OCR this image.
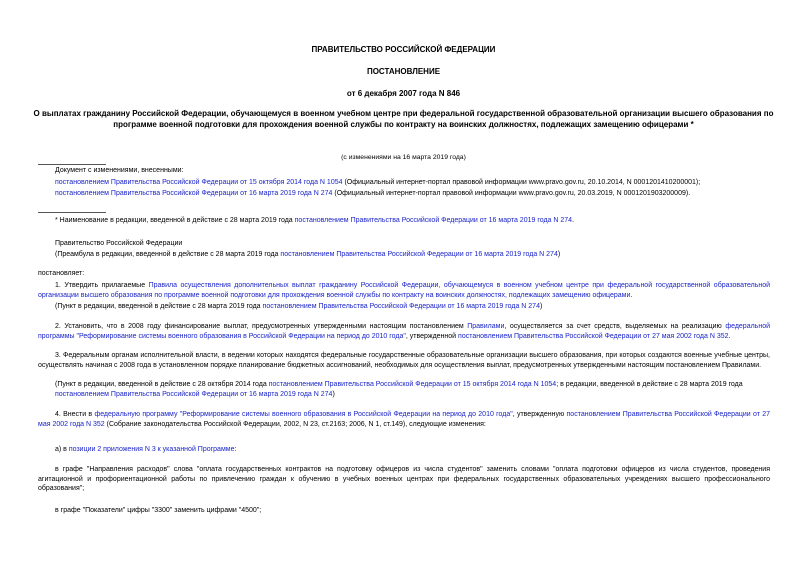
ПРАВИТЕЛЬСТВО РОССИЙСКОЙ ФЕДЕРАЦИИ
ПОСТАНОВЛЕНИЕ
от 6 декабря 2007 года N 846
О выплатах гражданину Российской Федерации, обучающемуся в военном учебном центре при федеральной государственной образовательной организации высшего образования по программе военной подготовки для прохождения военной службы по контракту на воинских должностях, подлежащих замещению офицерами *
(с изменениями на 16 марта 2019 года)
Документ с изменениями, внесенными:
постановлением Правительства Российской Федерации от 15 октября 2014 года N 1054 (Официальный интернет-портал правовой информации www.pravo.gov.ru, 20.10.2014, N 0001201410200001);
постановлением Правительства Российской Федерации от 16 марта 2019 года N 274 (Официальный интернет-портал правовой информации www.pravo.gov.ru, 20.03.2019, N 0001201903200009).
* Наименование в редакции, введенной в действие с 28 марта 2019 года постановлением Правительства Российской Федерации от 16 марта 2019 года N 274.
Правительство Российской Федерации
(Преамбула в редакции, введенной в действие с 28 марта 2019 года постановлением Правительства Российской Федерации от 16 марта 2019 года N 274)
постановляет:
1. Утвердить прилагаемые Правила осуществления дополнительных выплат гражданину Российской Федерации, обучающемуся в военном учебном центре при федеральной государственной образовательной организации высшего образования по программе военной подготовки для прохождения военной службы по контракту на воинских должностях, подлежащих замещению офицерами.
(Пункт в редакции, введенной в действие с 28 марта 2019 года постановлением Правительства Российской Федерации от 16 марта 2019 года N 274)
2. Установить, что в 2008 году финансирование выплат, предусмотренных утвержденными настоящим постановлением Правилами, осуществляется за счет средств, выделяемых на реализацию федеральной программы "Реформирование системы военного образования в Российской Федерации на период до 2010 года", утвержденной постановлением Правительства Российской Федерации от 27 мая 2002 года N 352.
3. Федеральным органам исполнительной власти, в ведении которых находятся федеральные государственные образовательные организации высшего образования, при которых создаются военные учебные центры, осуществлять начиная с 2008 года в установленном порядке планирование бюджетных ассигнований, необходимых для осуществления выплат, предусмотренных утвержденными настоящим постановлением Правилами.
(Пункт в редакции, введенной в действие с 28 октября 2014 года постановлением Правительства Российской Федерации от 15 октября 2014 года N 1054; в редакции, введенной в действие с 28 марта 2019 года постановлением Правительства Российской Федерации от 16 марта 2019 года N 274)
4. Внести в федеральную программу "Реформирование системы военного образования в Российской Федерации на период до 2010 года", утвержденную постановлением Правительства Российской Федерации от 27 мая 2002 года N 352 (Собрание законодательства Российской Федерации, 2002, N 23, ст.2163; 2006, N 1, ст.149), следующие изменения:
а) в позиции 2 приложения N 3 к указанной Программе:
в графе "Направления расходов" слова "оплата государственных контрактов на подготовку офицеров из числа студентов" заменить словами "оплата подготовки офицеров из числа студентов, проведения агитационной и профориентационной работы по привлечению граждан к обучению в учебных военных центрах при федеральных государственных образовательных учреждениях высшего профессионального образования";
в графе "Показатели" цифры "3300" заменить цифрами "4500";
